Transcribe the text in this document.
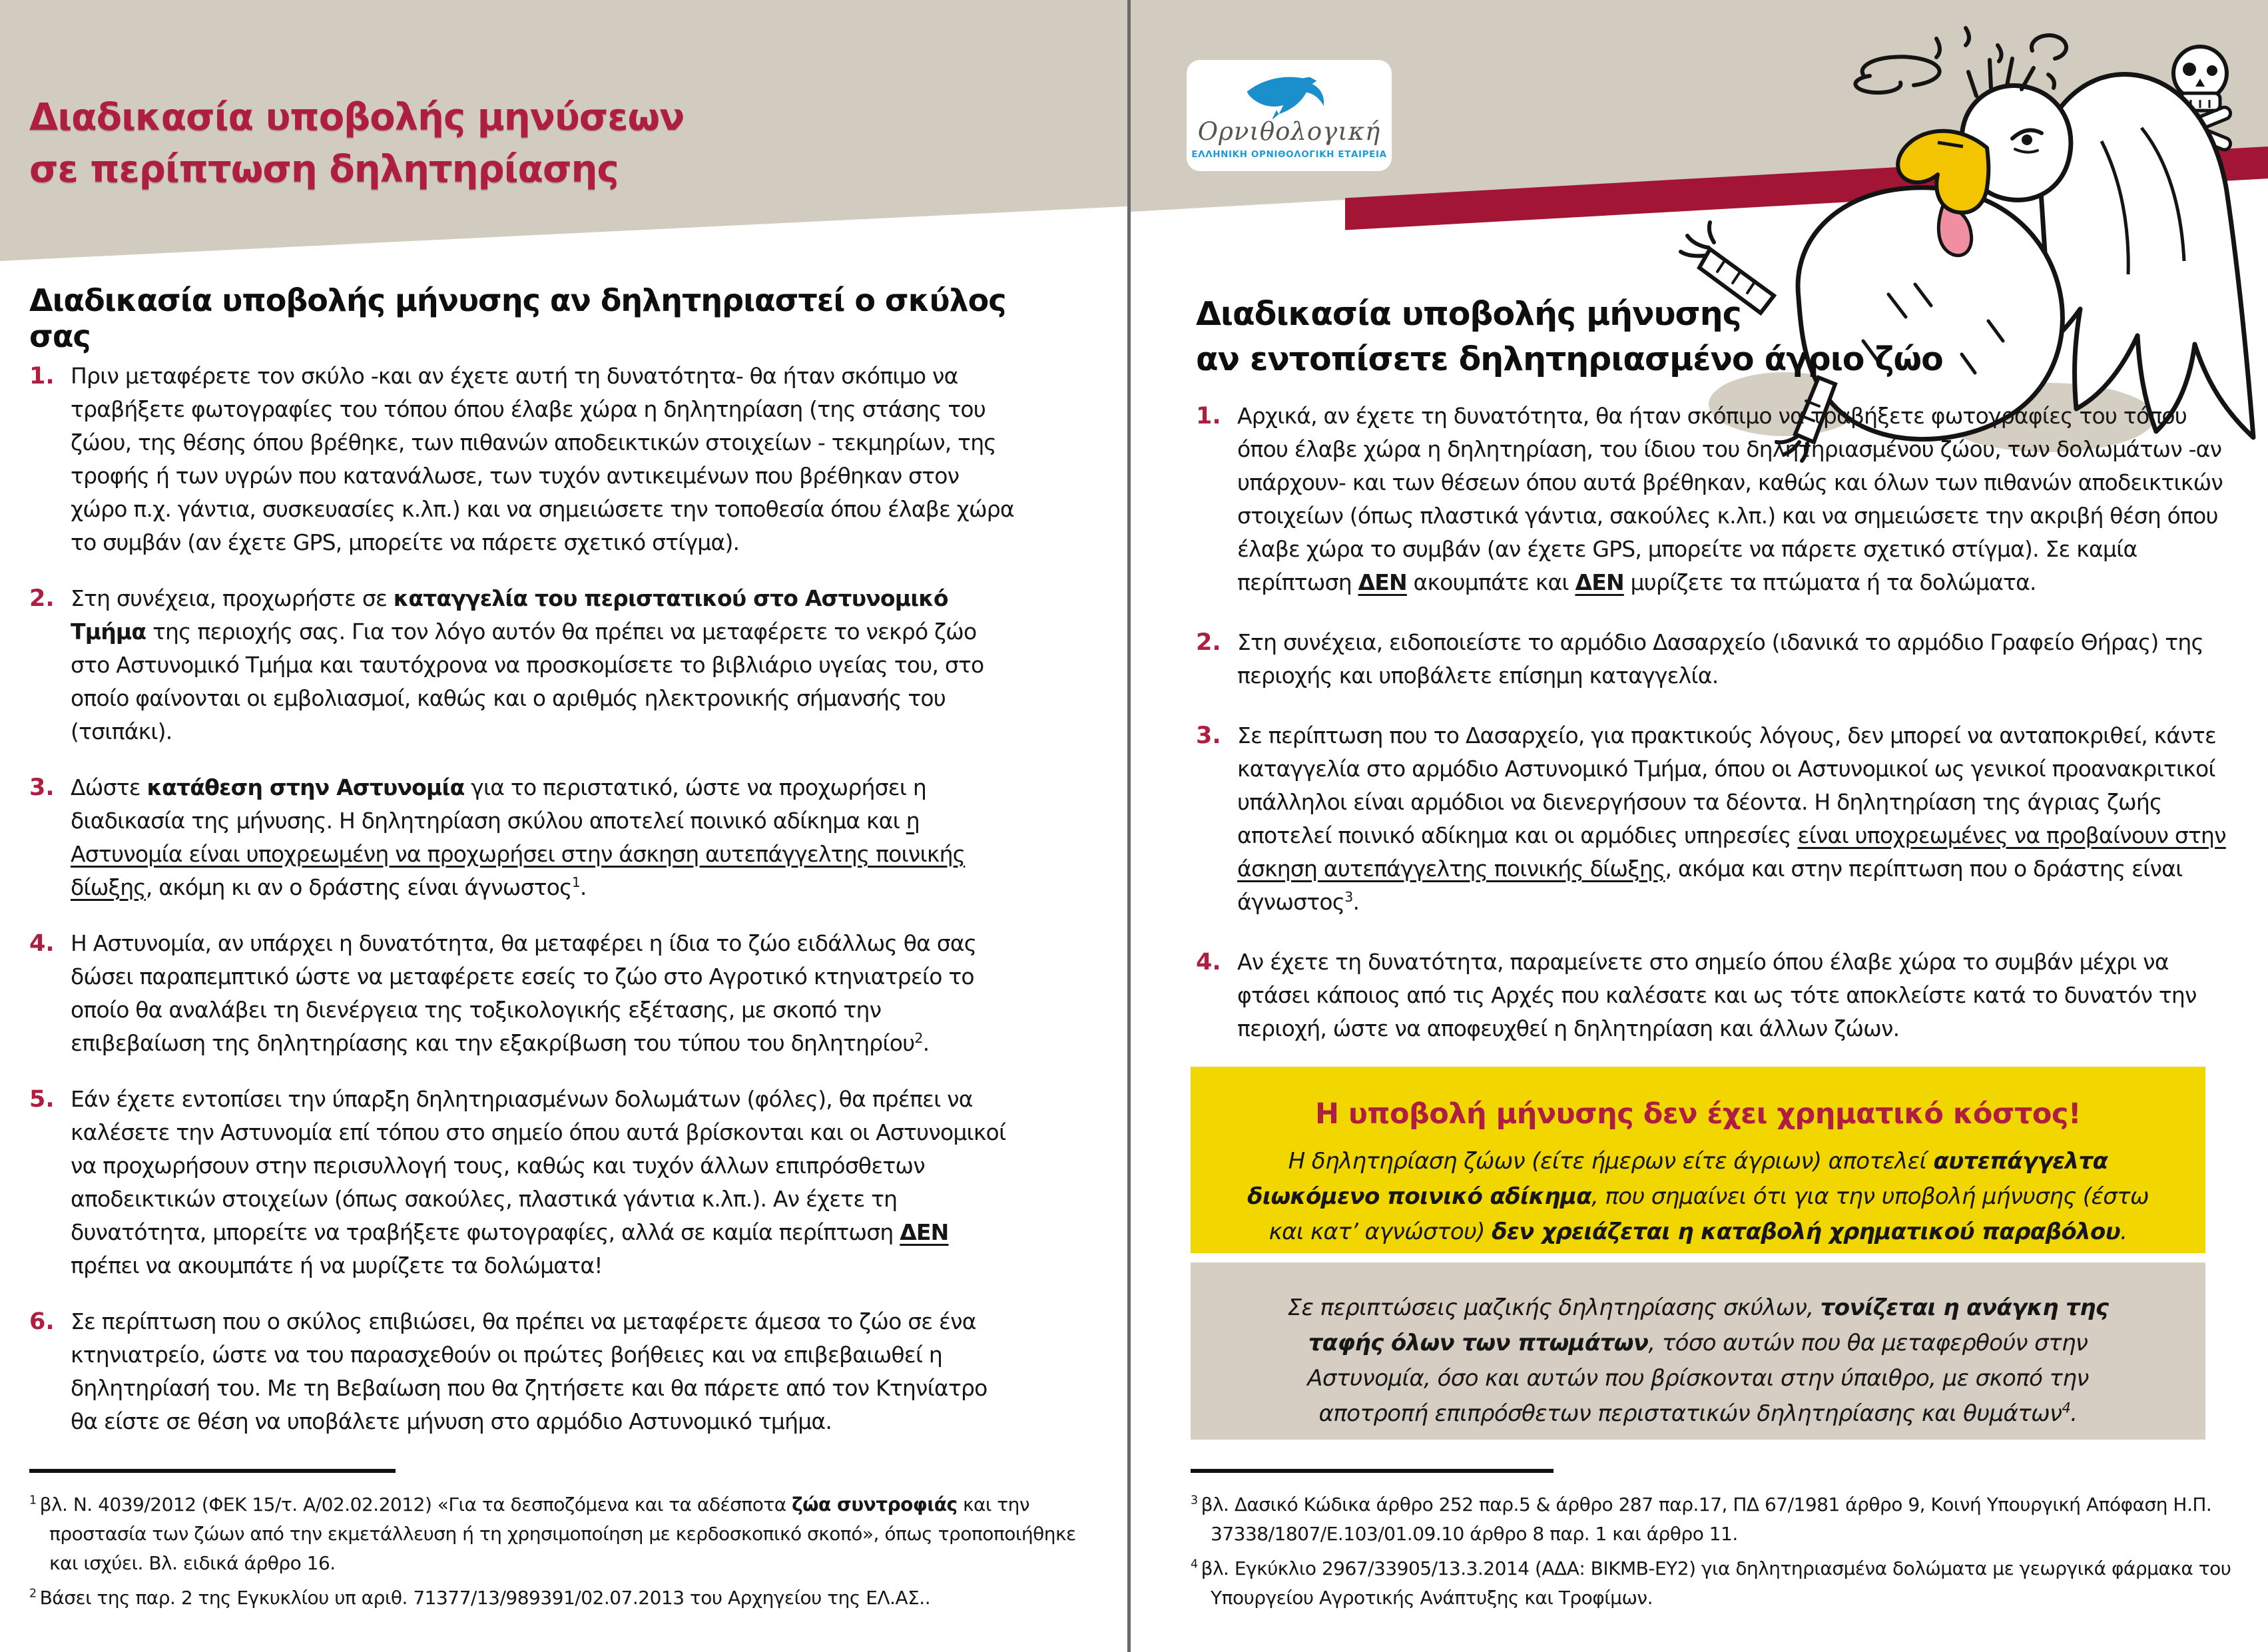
Ορνιθολογική
ΕΛΛΗΝΙΚΗ ΟΡΝΙΘΟΛΟΓΙΚΗ ΕΤΑΙΡΕΙΑ
Διαδικασία υποβολής μηνύσεων
σε περίπτωση δηλητηρίασης
Διαδικασία υποβολής μήνυσης αν δηλητηριαστεί ο σκύλος σας
1. Πριν μεταφέρετε τον σκύλο -και αν έχετε αυτή τη δυνατότητα- θα ήταν σκόπιμο να τραβήξετε φωτογραφίες του τόπου όπου έλαβε χώρα η δηλητηρίαση (της στάσης του ζώου, της θέσης όπου βρέθηκε, των πιθανών αποδεικτικών στοιχείων - τεκμηρίων, της τροφής ή των υγρών που κατανάλωσε, των τυχόν αντικειμένων που βρέθηκαν στον χώρο π.χ. γάντια, συσκευασίες κ.λπ.) και να σημειώσετε την τοποθεσία όπου έλαβε χώρα το συμβάν (αν έχετε GPS, μπορείτε να πάρετε σχετικό στίγμα).

2. Στη συνέχεια, προχωρήστε σε καταγγελία του περιστατικού στο Αστυνομικό Τμήμα της περιοχής σας. Για τον λόγο αυτόν θα πρέπει να μεταφέρετε το νεκρό ζώο στο Αστυνομικό Τμήμα και ταυτόχρονα να προσκομίσετε το βιβλιάριο υγείας του, στο οποίο φαίνονται οι εμβολιασμοί, καθώς και ο αριθμός ηλεκτρονικής σήμανσής του (τσιπάκι).

3. Δώστε κατάθεση στην Αστυνομία για το περιστατικό, ώστε να προχωρήσει η διαδικασία της μήνυσης. Η δηλητηρίαση σκύλου αποτελεί ποινικό αδίκημα και η Αστυνομία είναι υποχρεωμένη να προχωρήσει στην άσκηση αυτεπάγγελτης ποινικής δίωξης, ακόμη κι αν ο δράστης είναι άγνωστος$^1$.

4. Η Αστυνομία, αν υπάρχει η δυνατότητα, θα μεταφέρει η ίδια το ζώο ειδάλλως θα σας δώσει παραπεμπτικό ώστε να μεταφέρετε εσείς το ζώο στο Αγροτικό κτηνιατρείο το οποίο θα αναλάβει τη διενέργεια της τοξικολογικής εξέτασης, με σκοπό την επιβεβαίωση της δηλητηρίασης και την εξακρίβωση του τύπου του δηλητηρίου$^2$.

5. Εάν έχετε εντοπίσει την ύπαρξη δηλητηριασμένων δολωμάτων (φόλες), θα πρέπει να καλέσετε την Αστυνομία επί τόπου στο σημείο όπου αυτά βρίσκονται και οι Αστυνομικοί να προχωρήσουν στην περισυλλογή τους, καθώς και τυχόν άλλων επιπρόσθετων αποδεικτικών στοιχείων (όπως σακούλες, πλαστικά γάντια κ.λπ.). Αν έχετε τη δυνατότητα, μπορείτε να τραβήξετε φωτογραφίες, αλλά σε καμία περίπτωση ΔΕΝ πρέπει να ακουμπάτε ή να μυρίζετε τα δολώματα!

6. Σε περίπτωση που ο σκύλος επιβιώσει, θα πρέπει να μεταφέρετε άμεσα το ζώο σε ένα κτηνιατρείο, ώστε να του παρασχεθούν οι πρώτες βοήθειες και να επιβεβαιωθεί η δηλητηρίασή του. Με τη Βεβαίωση που θα ζητήσετε και θα πάρετε από τον Κτηνίατρο θα είστε σε θέση να υποβάλετε μήνυση στο αρμόδιο Αστυνομικό τμήμα.

$^1$ βλ. Ν. 4039/2012 (ΦΕΚ 15/τ. Α/02.02.2012) «Για τα δεσποζόμενα και τα αδέσποτα ζώα συντροφιάς και την προστασία των ζώων από την εκμετάλλευση ή τη χρησιμοποίηση με κερδοσκοπικό σκοπό», όπως τροποποιήθηκε και ισχύει. Βλ. ειδικά άρθρο 16.
$^2$ Βάσει της παρ. 2 της Εγκυκλίου υπ αριθ. 71377/13/989391/02.07.2013 του Αρχηγείου της ΕΛ.ΑΣ..
Διαδικασία υποβολής μήνυσης
αν εντοπίσετε δηλητηριασμένο άγριο ζώο
1. Αρχικά, αν έχετε τη δυνατότητα, θα ήταν σκόπιμο να τραβήξετε φωτογραφίες του τόπου όπου έλαβε χώρα η δηλητηρίαση, του ίδιου του δηλητηριασμένου ζώου, των δολωμάτων -αν υπάρχουν- και των θέσεων όπου αυτά βρέθηκαν, καθώς και όλων των πιθανών αποδεικτικών στοιχείων (όπως πλαστικά γάντια, σακούλες κ.λπ.) και να σημειώσετε την ακριβή θέση όπου έλαβε χώρα το συμβάν (αν έχετε GPS, μπορείτε να πάρετε σχετικό στίγμα). Σε καμία περίπτωση ΔΕΝ ακουμπάτε και ΔΕΝ μυρίζετε τα πτώματα ή τα δολώματα.

2. Στη συνέχεια, ειδοποιείστε το αρμόδιο Δασαρχείο (ιδανικά το αρμόδιο Γραφείο Θήρας) της περιοχής και υποβάλετε επίσημη καταγγελία.

3. Σε περίπτωση που το Δασαρχείο, για πρακτικούς λόγους, δεν μπορεί να ανταποκριθεί, κάντε καταγγελία στο αρμόδιο Αστυνομικό Τμήμα, όπου οι Αστυνομικοί ως γενικοί προανακριτικοί υπάλληλοι είναι αρμόδιοι να διενεργήσουν τα δέοντα. Η δηλητηρίαση της άγριας ζωής αποτελεί ποινικό αδίκημα και οι αρμόδιες υπηρεσίες είναι υποχρεωμένες να προβαίνουν στην άσκηση αυτεπάγγελτης ποινικής δίωξης, ακόμα και στην περίπτωση που ο δράστης είναι άγνωστος$^3$.

4. Αν έχετε τη δυνατότητα, παραμείνετε στο σημείο όπου έλαβε χώρα το συμβάν μέχρι να φτάσει κάποιος από τις Αρχές που καλέσατε και ως τότε αποκλείστε κατά το δυνατόν την περιοχή, ώστε να αποφευχθεί η δηλητηρίαση και άλλων ζώων.

Η υποβολή μήνυσης δεν έχει χρηματικό κόστος!
Η δηλητηρίαση ζώων (είτε ήμερων είτε άγριων) αποτελεί αυτεπάγγελτα διωκόμενο ποινικό αδίκημα, που σημαίνει ότι για την υποβολή μήνυσης (έστω και κατ’ αγνώστου) δεν χρειάζεται η καταβολή χρηματικού παραβόλου.
Σε περιπτώσεις μαζικής δηλητηρίασης σκύλων, τονίζεται η ανάγκη της ταφής όλων των πτωμάτων, τόσο αυτών που θα μεταφερθούν στην Αστυνομία, όσο και αυτών που βρίσκονται στην ύπαιθρο, με σκοπό την αποτροπή επιπρόσθετων περιστατικών δηλητηρίασης και θυμάτων$^4$.
$^3$ βλ. Δασικό Κώδικα άρθρο 252 παρ.5 & άρθρο 287 παρ.17, ΠΔ 67/1981 άρθρο 9, Κοινή Υπουργική Απόφαση Η.Π. 37338/1807/Ε.103/01.09.10 άρθρο 8 παρ. 1 και άρθρο 11.
$^4$ βλ. Εγκύκλιο 2967/33905/13.3.2014 (ΑΔΑ: ΒΙΚΜΒ-ΕΥ2) για δηλητηριασμένα δολώματα με γεωργικά φάρμακα του Υπουργείου Αγροτικής Ανάπτυξης και Τροφίμων.
